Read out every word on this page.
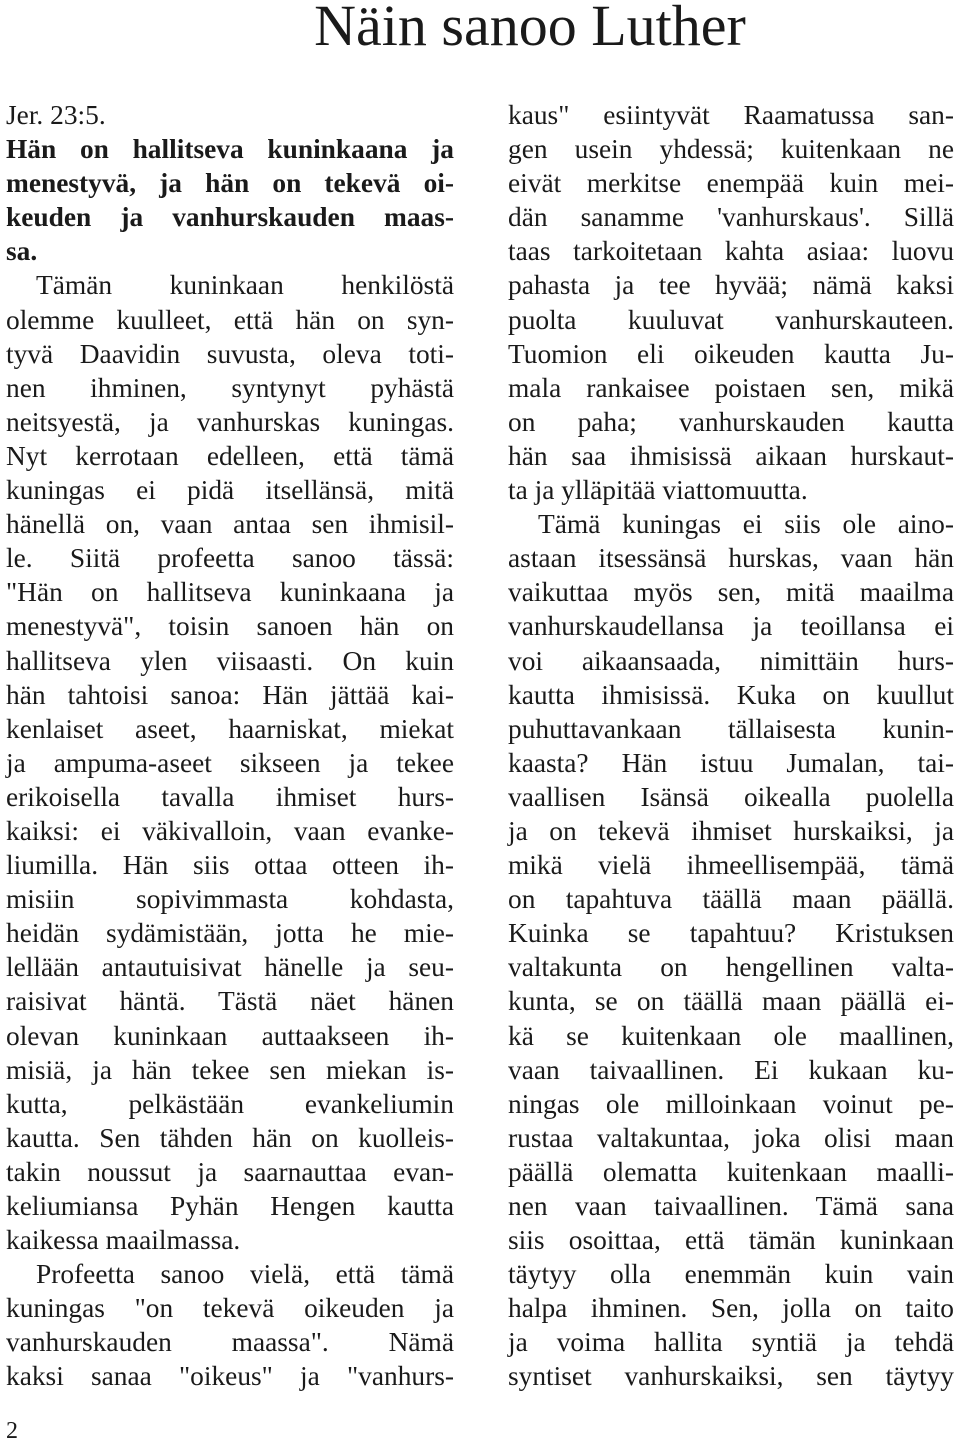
Näin sanoo Luther
Jer. 23:5.
Hän on hallitseva kuninkaana ja
menestyvä, ja hän on tekevä oi-
keuden ja vanhurskauden maas-
sa.
Tämän kuninkaan henkilöstä
olemme kuulleet, että hän on syn-
tyvä Daavidin suvusta, oleva toti-
nen ihminen, syntynyt pyhästä
neitsyestä, ja vanhurskas kuningas.
Nyt kerrotaan edelleen, että tämä
kuningas ei pidä itsellänsä, mitä
hänellä on, vaan antaa sen ihmisil-
le. Siitä profeetta sanoo tässä:
"Hän on hallitseva kuninkaana ja
menestyvä", toisin sanoen hän on
hallitseva ylen viisaasti. On kuin
hän tahtoisi sanoa: Hän jättää kai-
kenlaiset aseet, haarniskat, miekat
ja ampuma-aseet sikseen ja tekee
erikoisella tavalla ihmiset hurs-
kaiksi: ei väkivalloin, vaan evanke-
liumilla. Hän siis ottaa otteen ih-
misiin sopivimmasta kohdasta,
heidän sydämistään, jotta he mie-
lellään antautuisivat hänelle ja seu-
raisivat häntä. Tästä näet hänen
olevan kuninkaan auttaakseen ih-
misiä, ja hän tekee sen miekan is-
kutta, pelkästään evankeliumin
kautta. Sen tähden hän on kuolleis-
takin noussut ja saarnauttaa evan-
keliumiansa Pyhän Hengen kautta
kaikessa maailmassa.
Profeetta sanoo vielä, että tämä
kuningas "on tekevä oikeuden ja
vanhurskauden maassa". Nämä
kaksi sanaa "oikeus" ja "vanhurs-
kaus" esiintyvät Raamatussa san-
gen usein yhdessä; kuitenkaan ne
eivät merkitse enempää kuin mei-
dän sanamme 'vanhurskaus'. Sillä
taas tarkoitetaan kahta asiaa: luovu
pahasta ja tee hyvää; nämä kaksi
puolta kuuluvat vanhurskauteen.
Tuomion eli oikeuden kautta Ju-
mala rankaisee poistaen sen, mikä
on paha; vanhurskauden kautta
hän saa ihmisissä aikaan hurskaut-
ta ja ylläpitää viattomuutta.
Tämä kuningas ei siis ole aino-
astaan itsessänsä hurskas, vaan hän
vaikuttaa myös sen, mitä maailma
vanhurskaudellansa ja teoillansa ei
voi aikaansaada, nimittäin hurs-
kautta ihmisissä. Kuka on kuullut
puhuttavankaan tällaisesta kunin-
kaasta? Hän istuu Jumalan, tai-
vaallisen Isänsä oikealla puolella
ja on tekevä ihmiset hurskaiksi, ja
mikä vielä ihmeellisempää, tämä
on tapahtuva täällä maan päällä.
Kuinka se tapahtuu? Kristuksen
valtakunta on hengellinen valta-
kunta, se on täällä maan päällä ei-
kä se kuitenkaan ole maallinen,
vaan taivaallinen. Ei kukaan ku-
ningas ole milloinkaan voinut pe-
rustaa valtakuntaa, joka olisi maan
päällä olematta kuitenkaan maalli-
nen vaan taivaallinen. Tämä sana
siis osoittaa, että tämän kuninkaan
täytyy olla enemmän kuin vain
halpa ihminen. Sen, jolla on taito
ja voima hallita syntiä ja tehdä
syntiset vanhurskaiksi, sen täytyy
2
